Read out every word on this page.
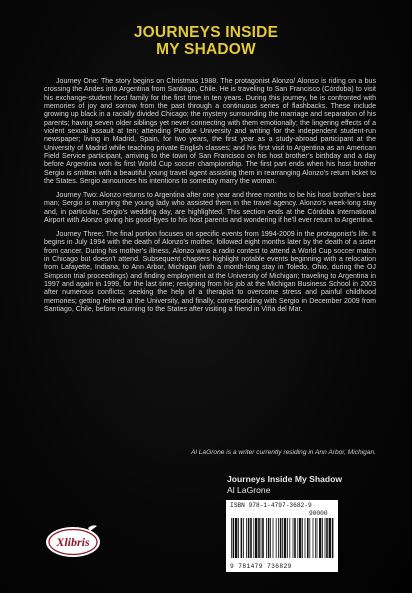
JOURNEYS INSIDE
MY SHADOW

Journey One: The story begins on Christmas 1988. The protagonist Alonzo/ Alonso is riding on a bus crossing the Andes into Argentina from Santiago, Chile. He is traveling to San Francisco (Córdoba) to visit his exchange-student host family for the first time in ten years. During this journey, he is confronted with memories of joy and sorrow from the past through a continuous series of flashbacks. These include growing up black in a racially divided Chicago; the mystery surrounding the marriage and separation of his parents; having seven older siblings yet never connecting with them emotionally; the lingering effects of a violent sexual assault at ten; attending Purdue University and writing for the independent student-run newspaper; living in Madrid, Spain, for two years, the first year as a study-abroad participant at the University of Madrid while teaching private English classes; and his first visit to Argentina as an American Field Service participant, arriving to the town of San Francisco on his host brother’s birthday and a day before Argentina won its first World Cup soccer championship. The first part ends when his host brother Sergio is smitten with a beautiful young travel agent assisting them in rearranging Alonzo’s return ticket to the States. Sergio announces his intentions to someday marry the woman.

Journey Two: Alonzo returns to Argentina after one year and three months to be his host brother’s best man; Sergio is marrying the young lady who assisted them in the travel agency. Alonzo’s week-long stay and, in particular, Sergio’s wedding day, are highlighted. This section ends at the Córdoba International Airport with Alonzo giving his good-byes to his host parents and wondering if he’ll ever return to Argentina.

Journey Three: The final portion focuses on specific events from 1994-2009 in the protagonist’s life. It begins in July 1994 with the death of Alonzo’s mother, followed eight months later by the death of a sister from cancer. During his mother’s illness, Alonzo wins a radio contest to attend a World Cup soccer match in Chicago but doesn’t attend. Subsequent chapters highlight notable events beginning with a relocation from Lafayette, Indiana, to Ann Arbor, Michigan (with a month-long stay in Toledo, Ohio, during the OJ Simpson trial proceedings) and finding employment at the University of Michigan; traveling to Argentina in 1997 and again in 1999, for the last time; resigning from his job at the Michigan Business School in 2003 after numerous conflicts; seeking the help of a therapist to overcome stress and painful childhood memories; getting rehired at the University, and finally, corresponding with Sergio in December 2009 from Santiago, Chile, before returning to the States after visiting a friend in Viña del Mar.

Al LaGrone is a writer currently residing in Ann Arbor, Michigan.
Journeys Inside My Shadow
Al LaGrone
ISBN 978-1-4797-3682-9
90000
9 781479 736829
Xlibris
